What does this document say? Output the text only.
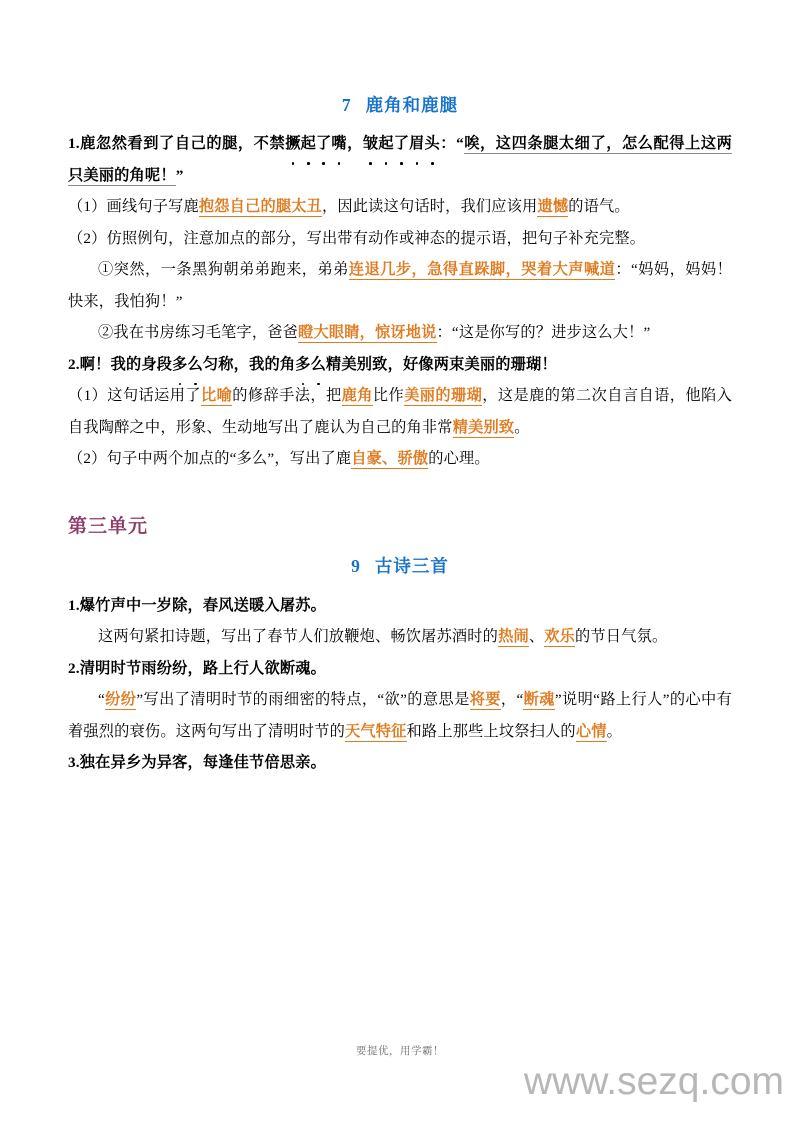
7 鹿角和鹿腿

1.鹿忽然看到了自己的腿，不禁撅起了嘴，皱起了眉头：“唉，这四条腿太细了，怎么配得上这两只美丽的角呢！”

（1）画线句子写鹿抱怨自己的腿太丑，因此读这句话时，我们应该用遗憾的语气。

（2）仿照例句，注意加点的部分，写出带有动作或神态的提示语，把句子补充完整。

①突然，一条黑狗朝弟弟跑来，弟弟连退几步，急得直跺脚，哭着大声喊道：“妈妈，妈妈！快来，我怕狗！”

②我在书房练习毛笔字，爸爸瞪大眼睛，惊讶地说：“这是你写的？进步这么大！”

2.啊！我的身段多么匀称，我的角多么精美别致，好像两束美丽的珊瑚！

（1）这句话运用了比喻的修辞手法，把鹿角比作美丽的珊瑚，这是鹿的第二次自言自语，他陷入自我陶醉之中，形象、生动地写出了鹿认为自己的角非常精美别致。

（2）句子中两个加点的“多么”，写出了鹿自豪、骄傲的心理。

第三单元
9 古诗三首

1.爆竹声中一岁除，春风送暖入屠苏。

这两句紧扣诗题，写出了春节人们放鞭炮、畅饮屠苏酒时的热闹、欢乐的节日气氛。

2.清明时节雨纷纷，路上行人欲断魂。

“纷纷”写出了清明时节的雨细密的特点，“欲”的意思是将要，“断魂”说明“路上行人”的心中有着强烈的衰伤。这两句写出了清明时节的天气特征和路上那些上坟祭扫人的心情。

3.独在异乡为异客，每逢佳节倍思亲。

要提优，用学霸！
www.sezq.com
